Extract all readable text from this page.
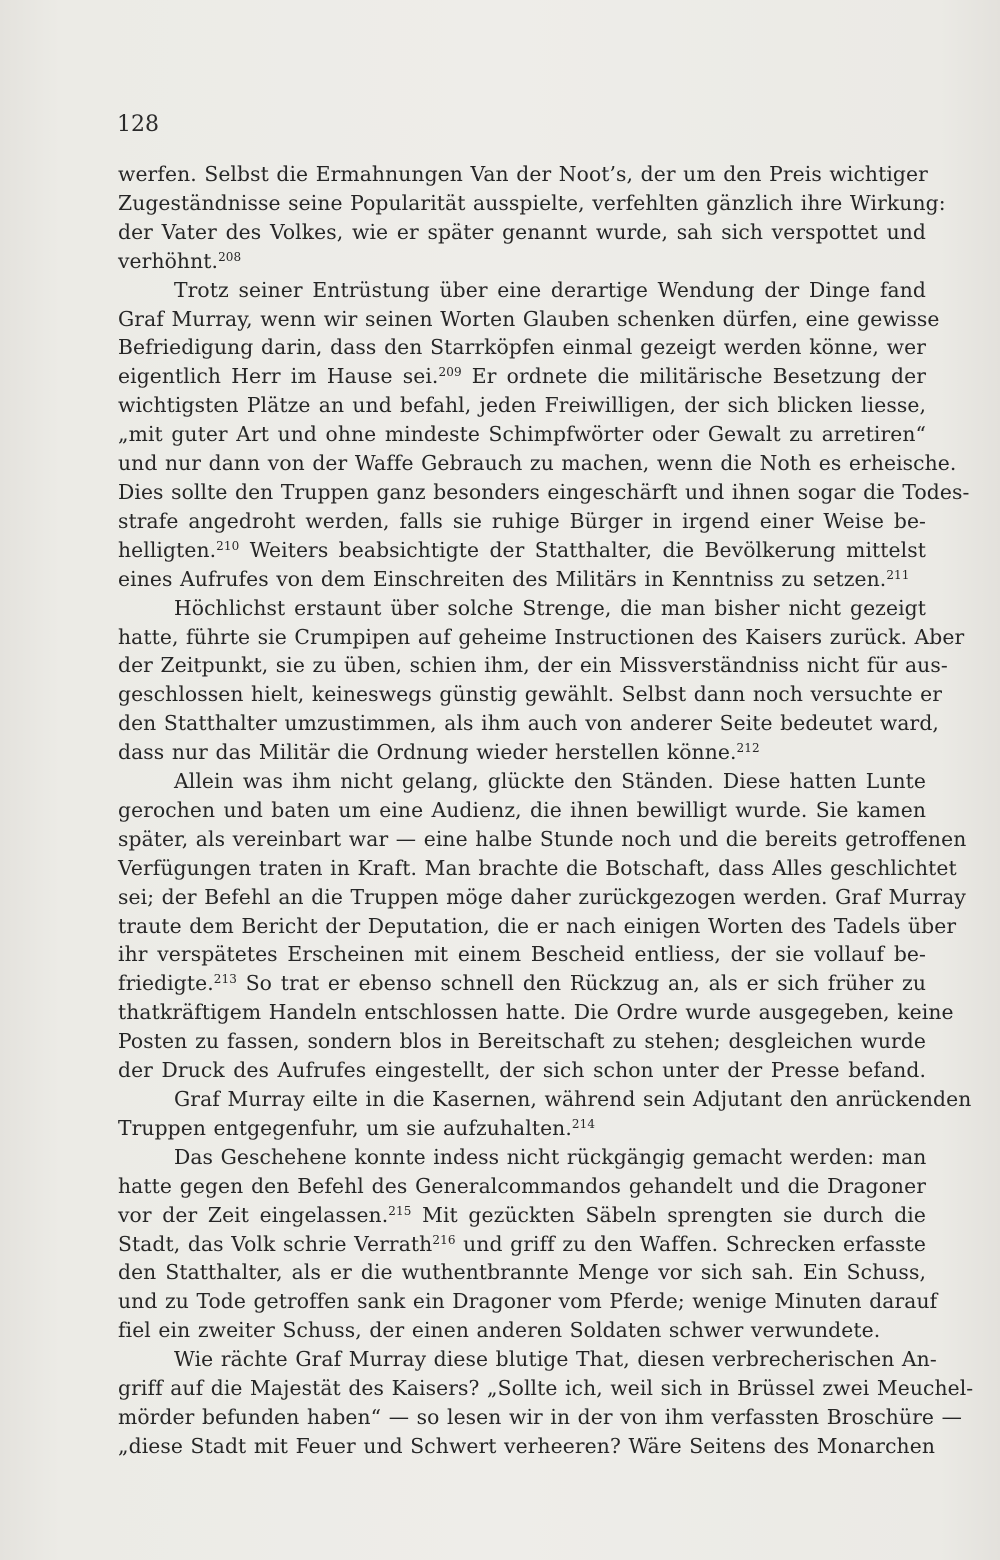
128
werfen. Selbst die Ermahnungen Van der Noot’s, der um den Preis wichtiger
Zugeständnisse seine Popularität ausspielte, verfehlten gänzlich ihre Wirkung:
der Vater des Volkes, wie er später genannt wurde, sah sich verspottet und
verhöhnt.$^{208}$
Trotz seiner Entrüstung über eine derartige Wendung der Dinge fand
Graf Murray, wenn wir seinen Worten Glauben schenken dürfen, eine gewisse
Befriedigung darin, dass den Starrköpfen einmal gezeigt werden könne, wer
eigentlich Herr im Hause sei.$^{209}$ Er ordnete die militärische Besetzung der
wichtigsten Plätze an und befahl, jeden Freiwilligen, der sich blicken liesse,
„mit guter Art und ohne mindeste Schimpfwörter oder Gewalt zu arretiren“
und nur dann von der Waffe Gebrauch zu machen, wenn die Noth es erheische.
Dies sollte den Truppen ganz besonders eingeschärft und ihnen sogar die Todes-
strafe angedroht werden, falls sie ruhige Bürger in irgend einer Weise be-
helligten.$^{210}$ Weiters beabsichtigte der Statthalter, die Bevölkerung mittelst
eines Aufrufes von dem Einschreiten des Militärs in Kenntniss zu setzen.$^{211}$
Höchlichst erstaunt über solche Strenge, die man bisher nicht gezeigt
hatte, führte sie Crumpipen auf geheime Instructionen des Kaisers zurück. Aber
der Zeitpunkt, sie zu üben, schien ihm, der ein Missverständniss nicht für aus-
geschlossen hielt, keineswegs günstig gewählt. Selbst dann noch versuchte er
den Statthalter umzustimmen, als ihm auch von anderer Seite bedeutet ward,
dass nur das Militär die Ordnung wieder herstellen könne.$^{212}$
Allein was ihm nicht gelang, glückte den Ständen. Diese hatten Lunte
gerochen und baten um eine Audienz, die ihnen bewilligt wurde. Sie kamen
später, als vereinbart war — eine halbe Stunde noch und die bereits getroffenen
Verfügungen traten in Kraft. Man brachte die Botschaft, dass Alles geschlichtet
sei; der Befehl an die Truppen möge daher zurückgezogen werden. Graf Murray
traute dem Bericht der Deputation, die er nach einigen Worten des Tadels über
ihr verspätetes Erscheinen mit einem Bescheid entliess, der sie vollauf be-
friedigte.$^{213}$ So trat er ebenso schnell den Rückzug an, als er sich früher zu
thatkräftigem Handeln entschlossen hatte. Die Ordre wurde ausgegeben, keine
Posten zu fassen, sondern blos in Bereitschaft zu stehen; desgleichen wurde
der Druck des Aufrufes eingestellt, der sich schon unter der Presse befand.
Graf Murray eilte in die Kasernen, während sein Adjutant den anrückenden
Truppen entgegenfuhr, um sie aufzuhalten.$^{214}$
Das Geschehene konnte indess nicht rückgängig gemacht werden: man
hatte gegen den Befehl des Generalcommandos gehandelt und die Dragoner
vor der Zeit eingelassen.$^{215}$ Mit gezückten Säbeln sprengten sie durch die
Stadt, das Volk schrie Verrath$^{216}$ und griff zu den Waffen. Schrecken erfasste
den Statthalter, als er die wuthentbrannte Menge vor sich sah. Ein Schuss,
und zu Tode getroffen sank ein Dragoner vom Pferde; wenige Minuten darauf
fiel ein zweiter Schuss, der einen anderen Soldaten schwer verwundete.
Wie rächte Graf Murray diese blutige That, diesen verbrecherischen An-
griff auf die Majestät des Kaisers? „Sollte ich, weil sich in Brüssel zwei Meuchel-
mörder befunden haben“ — so lesen wir in der von ihm verfassten Broschüre —
„diese Stadt mit Feuer und Schwert verheeren? Wäre Seitens des Monarchen
